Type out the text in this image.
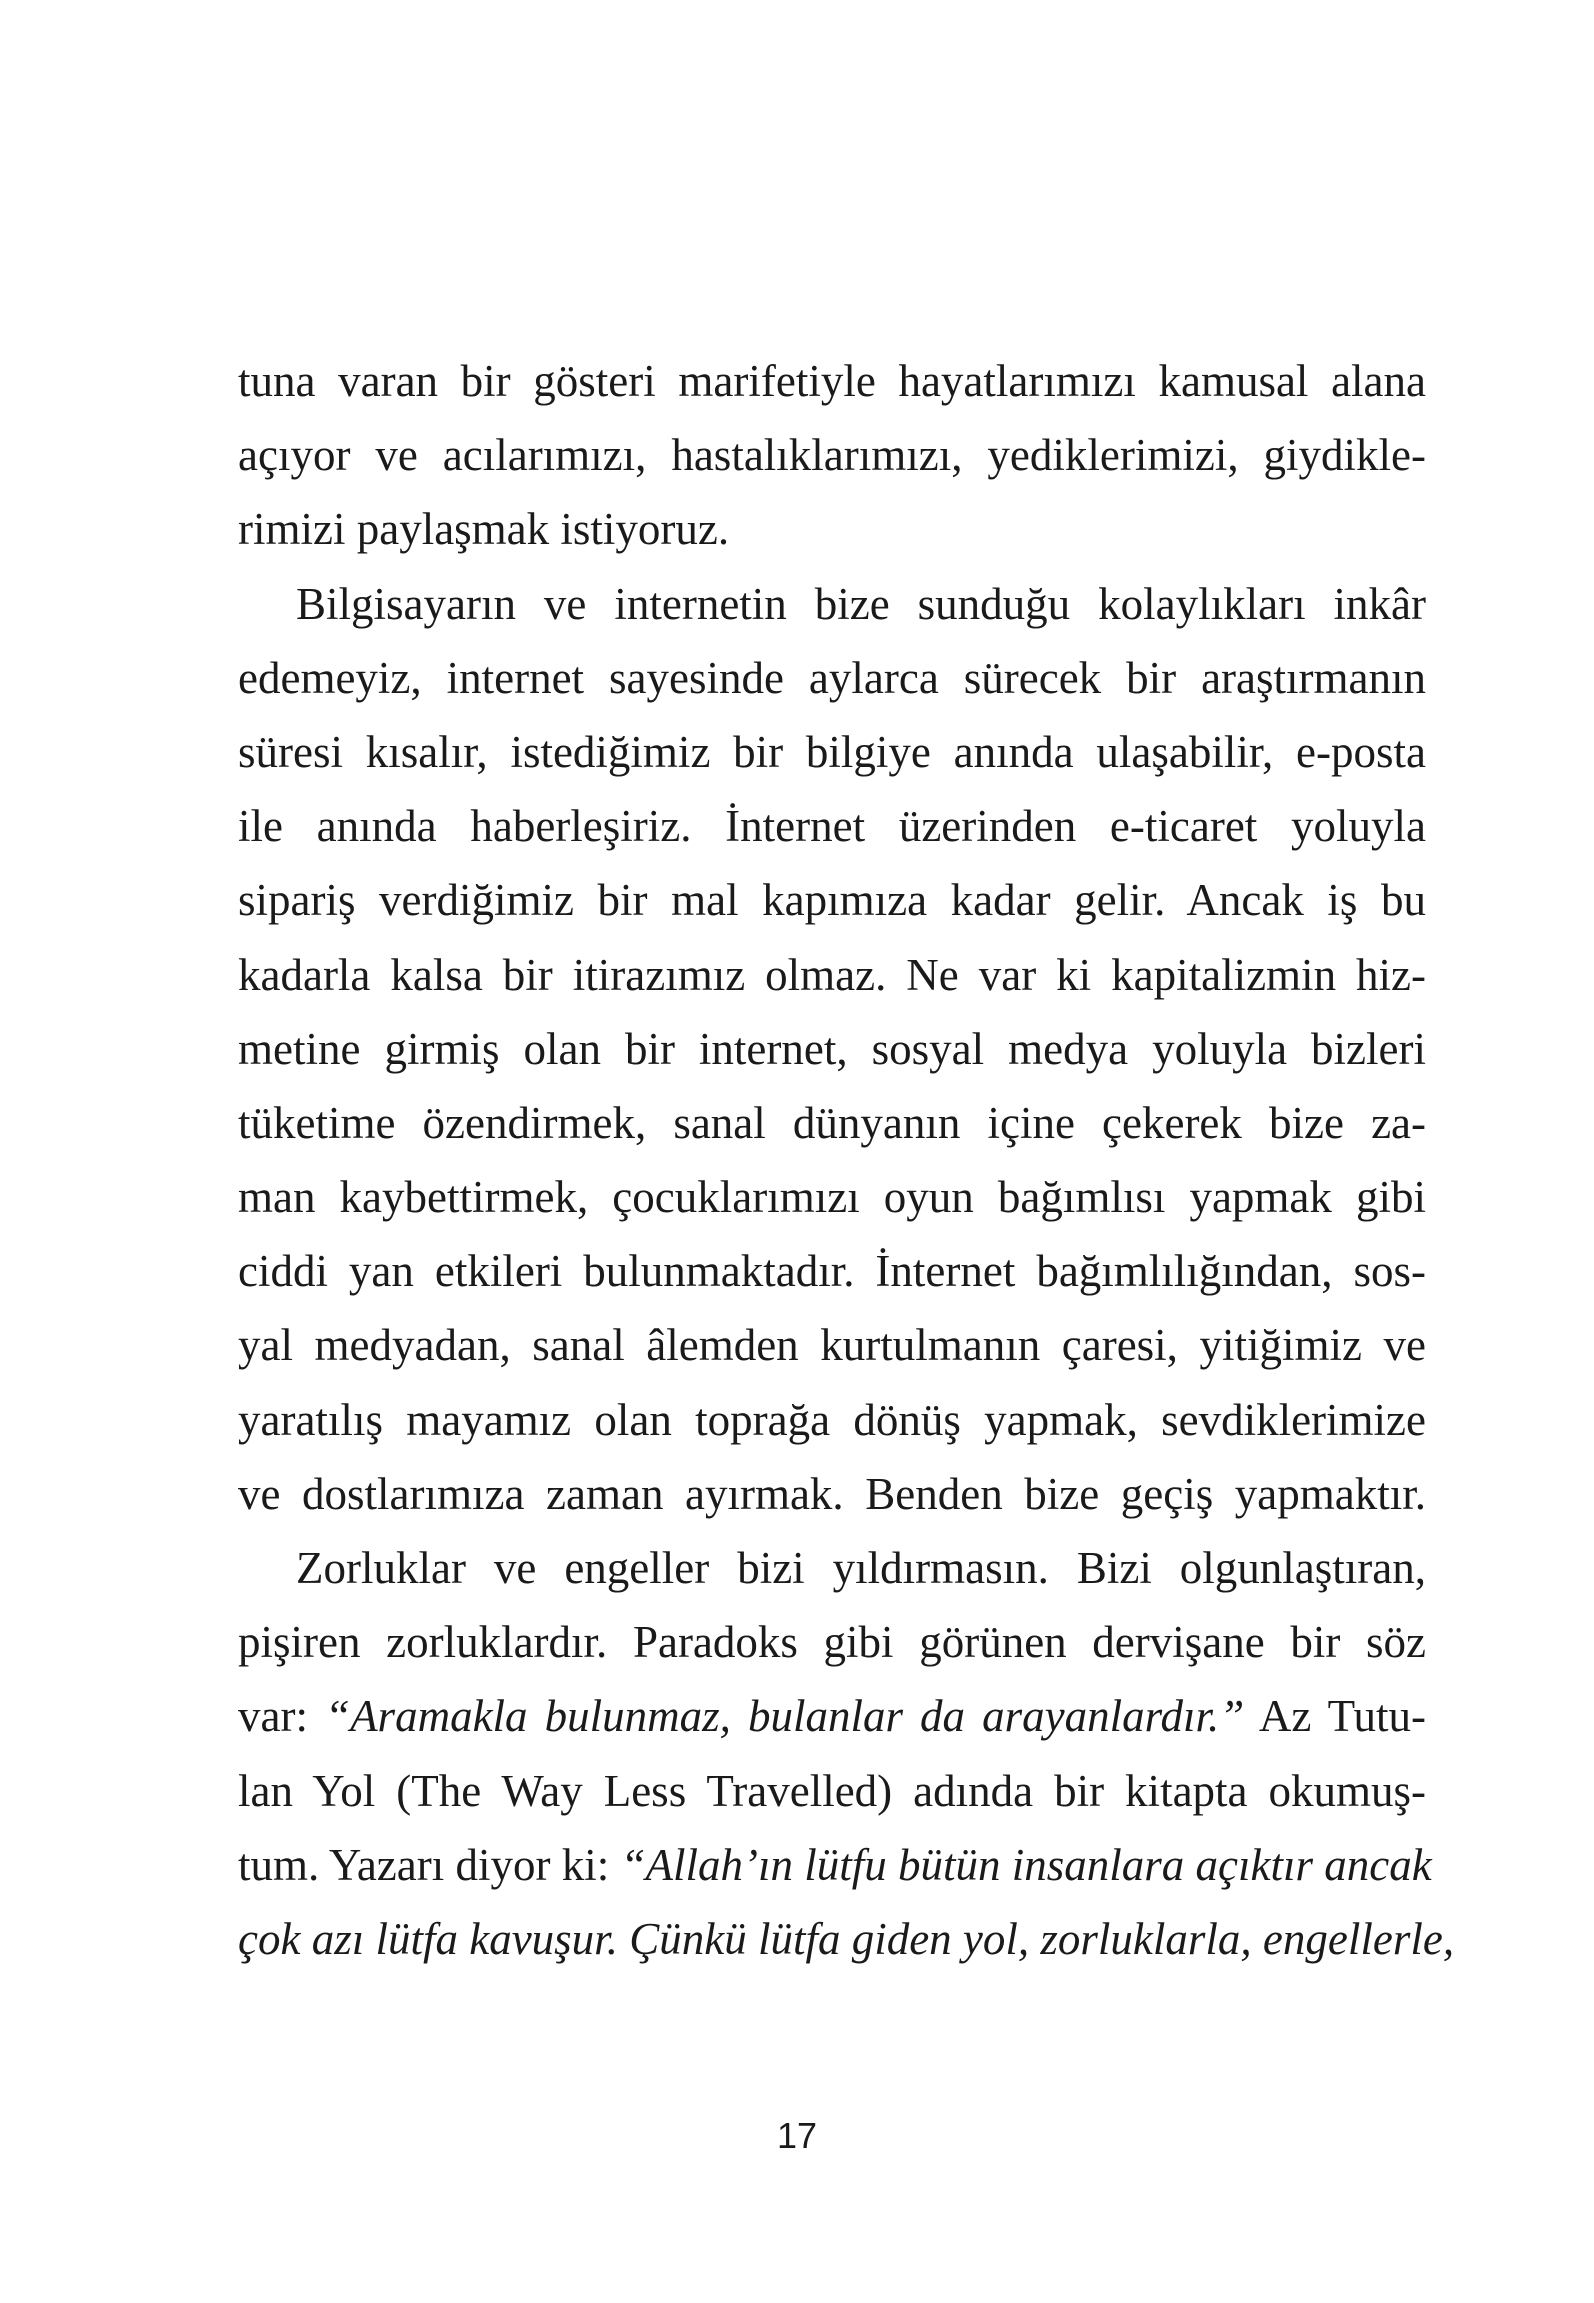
tuna varan bir gösteri marifetiyle hayatlarımızı kamusal alana
açıyor ve acılarımızı, hastalıklarımızı, yediklerimizi, giydikle-
rimizi paylaşmak istiyoruz.
Bilgisayarın ve internetin bize sunduğu kolaylıkları inkâr
edemeyiz, internet sayesinde aylarca sürecek bir araştırmanın
süresi kısalır, istediğimiz bir bilgiye anında ulaşabilir, e-posta
ile anında haberleşiriz. İnternet üzerinden e-ticaret yoluyla
sipariş verdiğimiz bir mal kapımıza kadar gelir. Ancak iş bu
kadarla kalsa bir itirazımız olmaz. Ne var ki kapitalizmin hiz-
metine girmiş olan bir internet, sosyal medya yoluyla bizleri
tüketime özendirmek, sanal dünyanın içine çekerek bize za-
man kaybettirmek, çocuklarımızı oyun bağımlısı yapmak gibi
ciddi yan etkileri bulunmaktadır. İnternet bağımlılığından, sos-
yal medyadan, sanal âlemden kurtulmanın çaresi, yitiğimiz ve
yaratılış mayamız olan toprağa dönüş yapmak, sevdiklerimize
ve dostlarımıza zaman ayırmak. Benden bize geçiş yapmaktır.
Zorluklar ve engeller bizi yıldırmasın. Bizi olgunlaştıran,
pişiren zorluklardır. Paradoks gibi görünen dervişane bir söz
var: “Aramakla bulunmaz, bulanlar da arayanlardır.” Az Tutu-
lan Yol (The Way Less Travelled) adında bir kitapta okumuş-
tum. Yazarı diyor ki: “Allah’ın lütfu bütün insanlara açıktır ancak
çok azı lütfa kavuşur. Çünkü lütfa giden yol, zorluklarla, engellerle,
17
